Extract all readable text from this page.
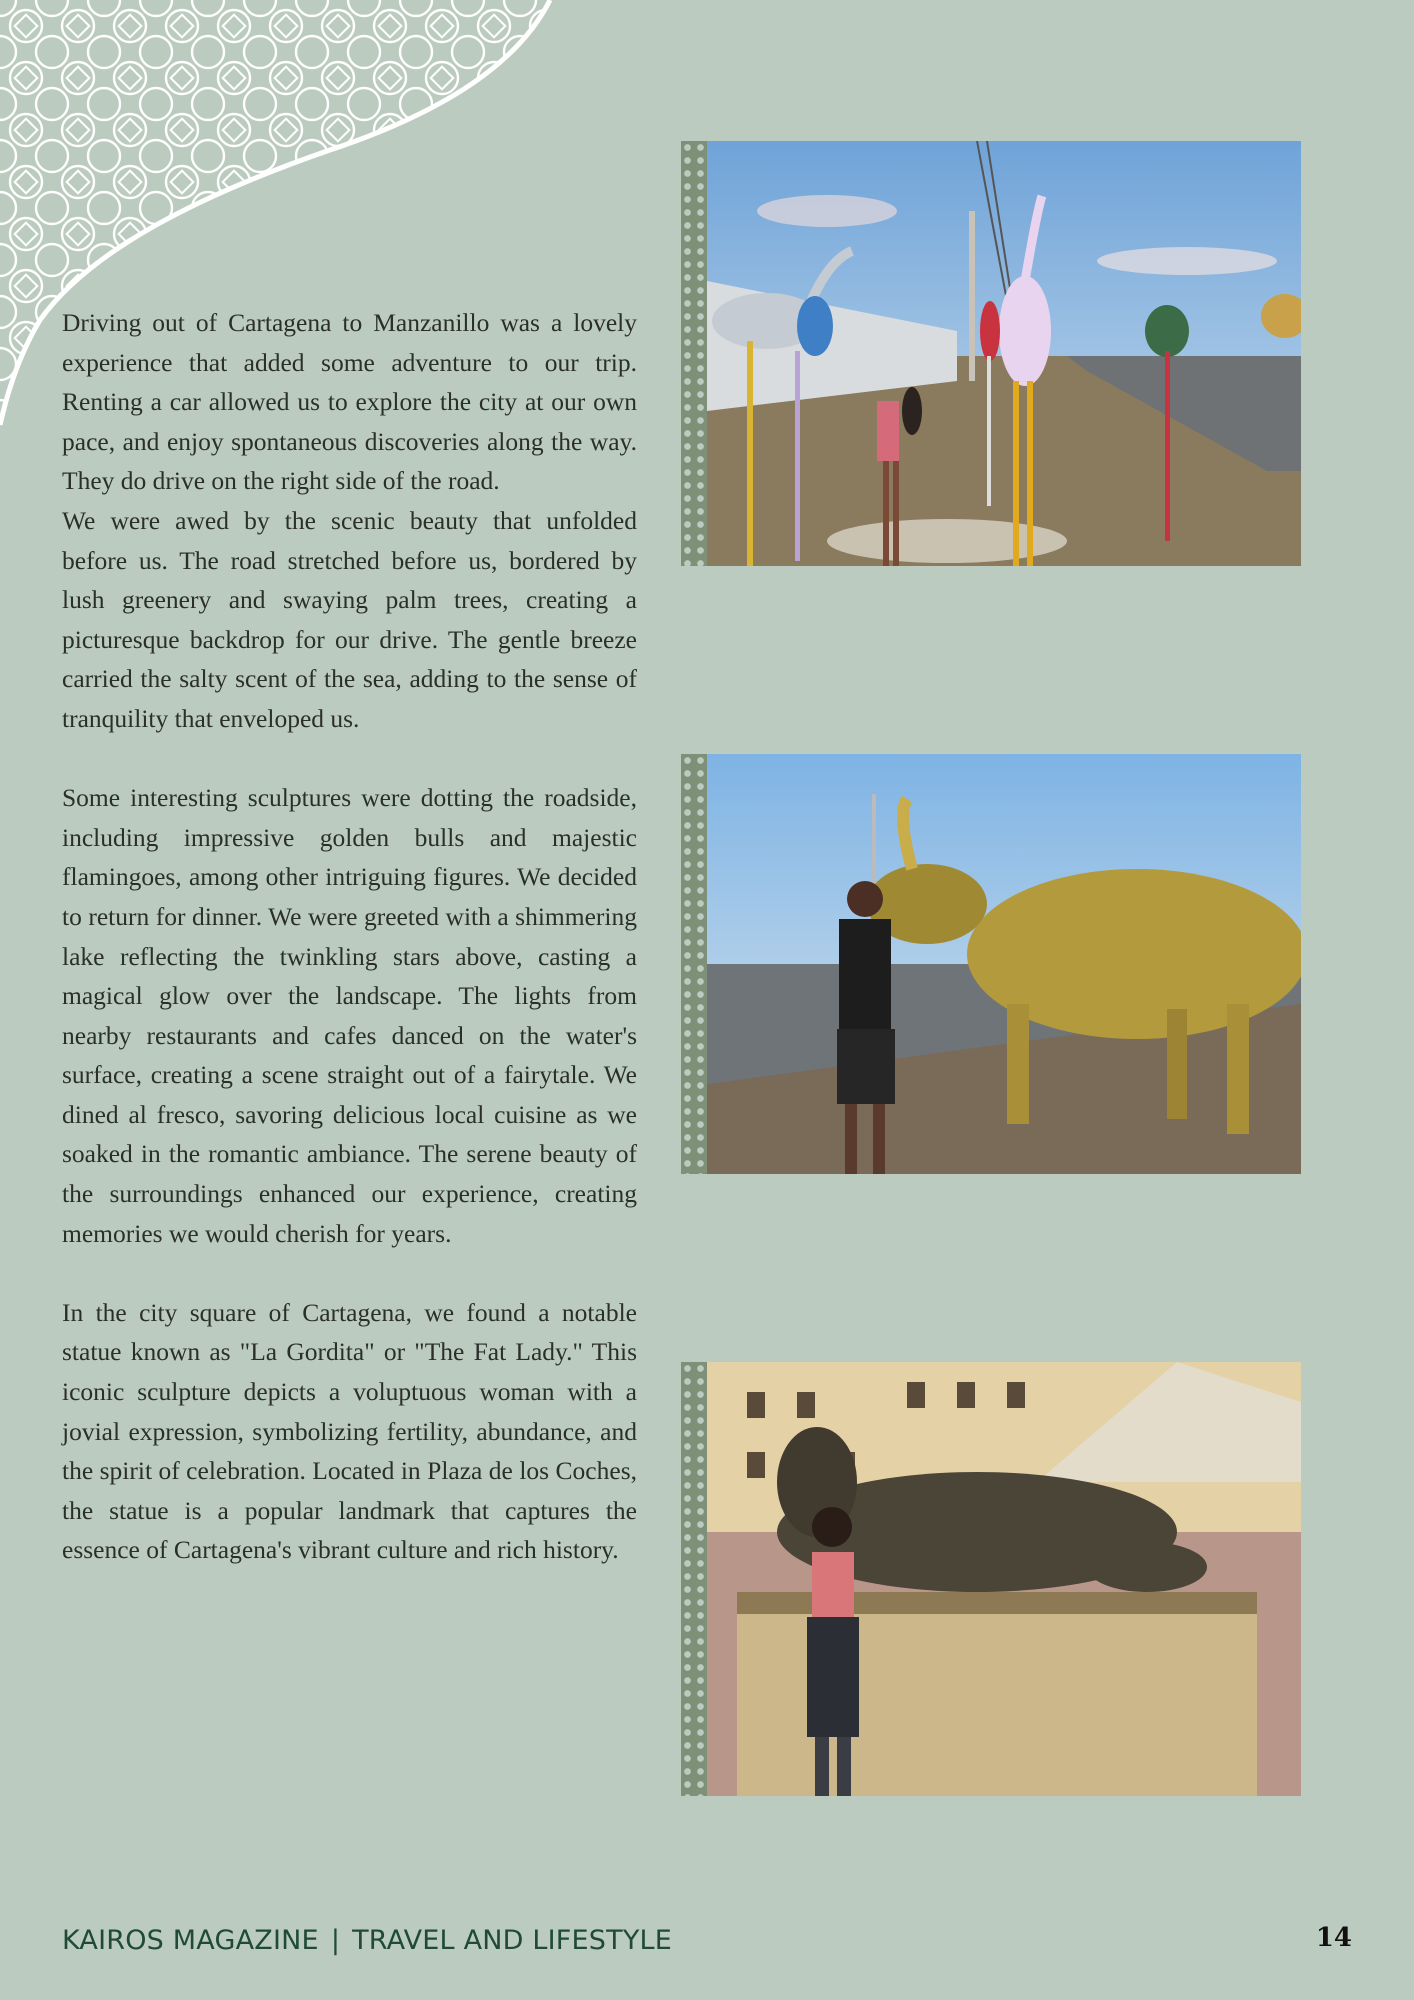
Driving out of Cartagena to Manzanillo was a lovely experience that added some adventure to our trip. Renting a car allowed us to explore the city at our own pace, and enjoy spontaneous discoveries along the way. They do drive on the right side of the road.

We were awed by the scenic beauty that unfolded before us. The road stretched before us, bordered by lush greenery and swaying palm trees, creating a picturesque backdrop for our drive. The gentle breeze carried the salty scent of the sea, adding to the sense of tranquility that enveloped us.

Some interesting sculptures were dotting the roadside, including impressive golden bulls and majestic flamingoes, among other intriguing figures. We decided to return for dinner. We were greeted with a shimmering lake reflecting the twinkling stars above, casting a magical glow over the landscape. The lights from nearby restaurants and cafes danced on the water's surface, creating a scene straight out of a fairytale. We dined al fresco, savoring delicious local cuisine as we soaked in the romantic ambiance. The serene beauty of the surroundings enhanced our experience, creating memories we would cherish for years.

In the city square of Cartagena, we found a notable statue known as "La Gordita" or "The Fat Lady." This iconic sculpture depicts a voluptuous woman with a jovial expression, symbolizing fertility, abundance, and the spirit of celebration. Located in Plaza de los Coches, the statue is a popular landmark that captures the essence of Cartagena's vibrant culture and rich history.

KAIROS MAGAZINE | TRAVEL AND LIFESTYLE	14
